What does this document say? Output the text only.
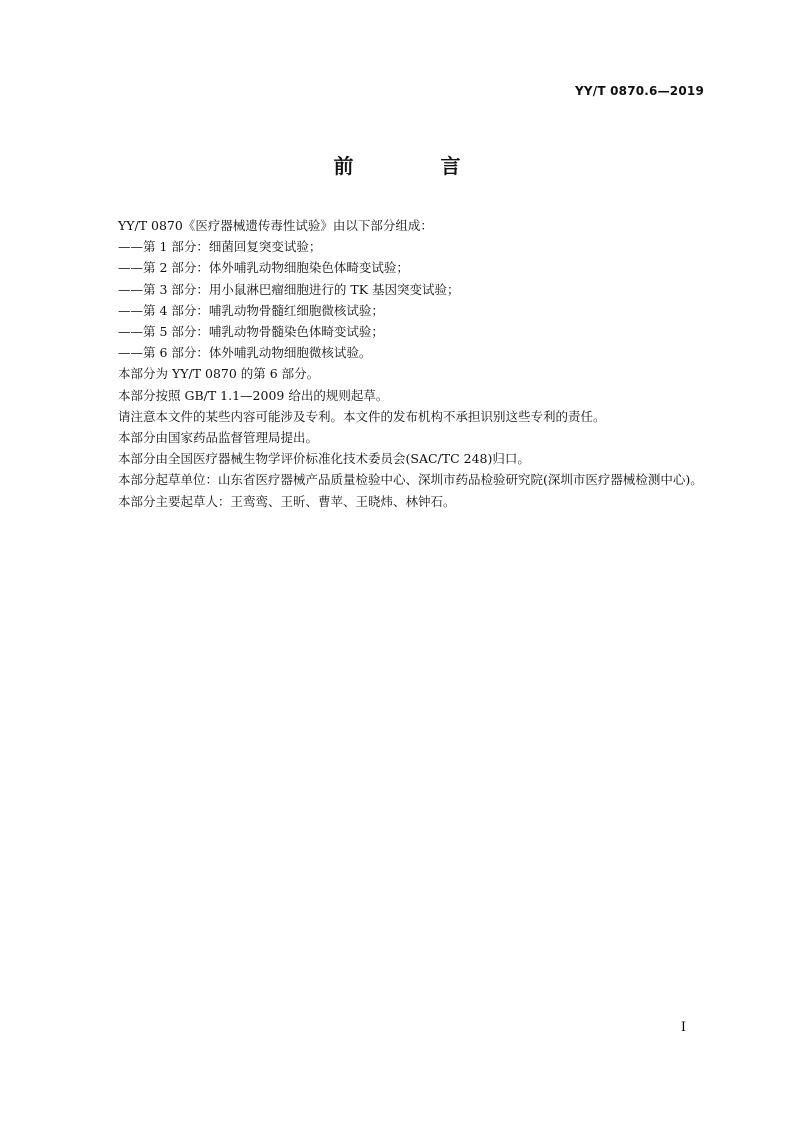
YY/T 0870.6—2019
前 言

YY/T 0870《医疗器械遗传毒性试验》由以下部分组成：

——第 1 部分：细菌回复突变试验；

——第 2 部分：体外哺乳动物细胞染色体畸变试验；

——第 3 部分：用小鼠淋巴瘤细胞进行的 TK 基因突变试验；

——第 4 部分：哺乳动物骨髓红细胞微核试验；

——第 5 部分：哺乳动物骨髓染色体畸变试验；

——第 6 部分：体外哺乳动物细胞微核试验。

本部分为 YY/T 0870 的第 6 部分。

本部分按照 GB/T 1.1—2009 给出的规则起草。

请注意本文件的某些内容可能涉及专利。本文件的发布机构不承担识别这些专利的责任。

本部分由国家药品监督管理局提出。

本部分由全国医疗器械生物学评价标准化技术委员会(SAC/TC 248)归口。

本部分起草单位：山东省医疗器械产品质量检验中心、深圳市药品检验研究院(深圳市医疗器械检测中心)。

本部分主要起草人：王鸾鸾、王昕、曹苹、王晓炜、林钟石。

I
